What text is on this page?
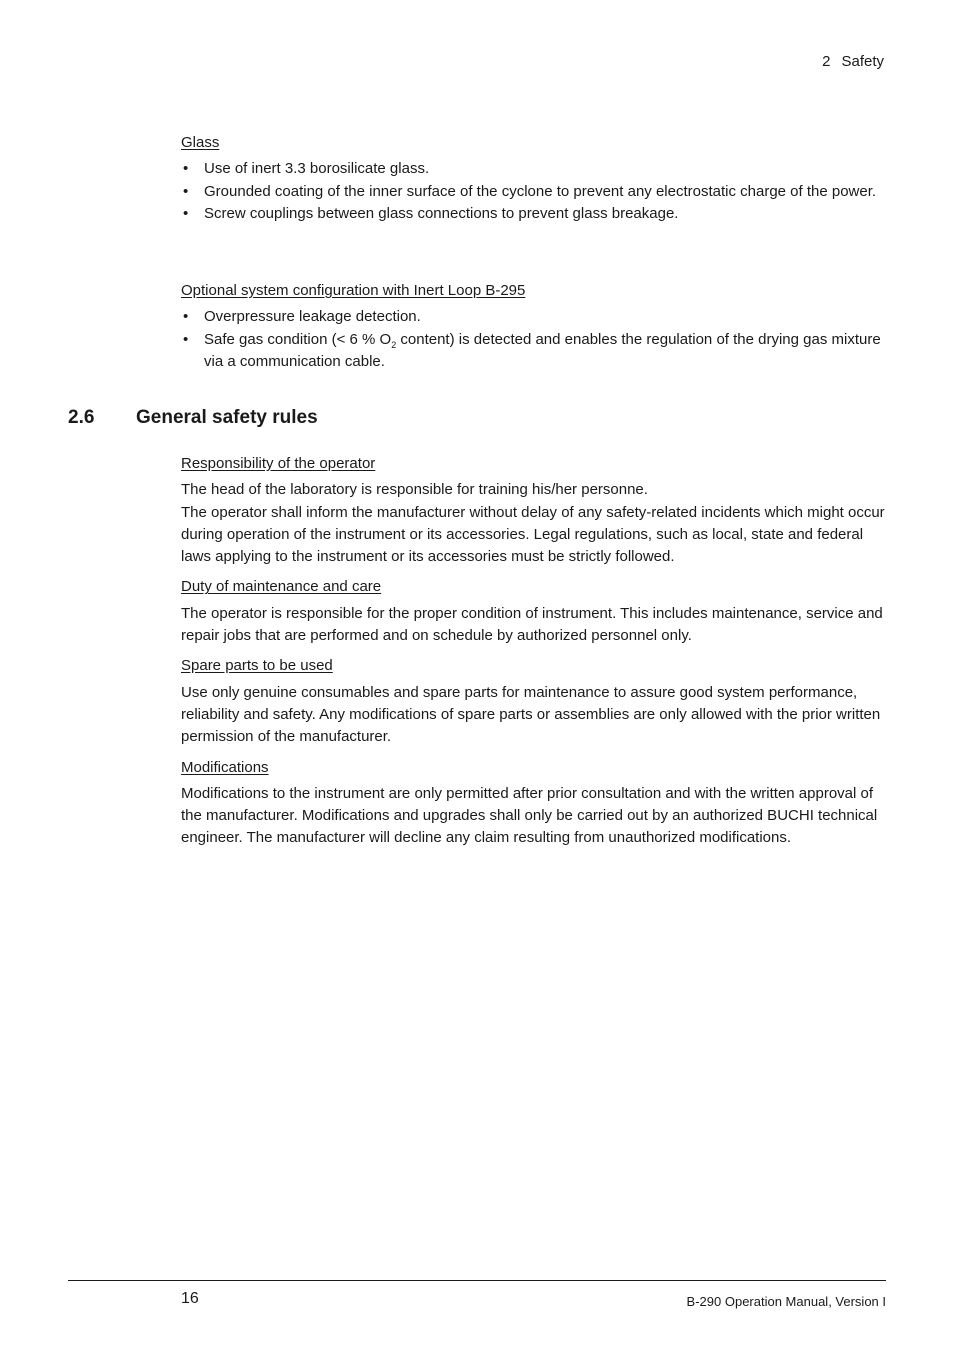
2 Safety
Glass
• Use of inert 3.3 borosilicate glass.
• Grounded coating of the inner surface of the cyclone to prevent any electrostatic charge of the power.
• Screw couplings between glass connections to prevent glass breakage.
Optional system configuration with Inert Loop B-295
• Overpressure leakage detection.
• Safe gas condition (< 6 % $O_2$ content) is detected and enables the regulation of the drying gas mixture via a communication cable.
2.6 General safety rules
Responsibility of the operator

The head of the laboratory is responsible for training his/her personne.

The operator shall inform the manufacturer without delay of any safety-related incidents which might occur during operation of the instrument or its accessories. Legal regulations, such as local, state and federal laws applying to the instrument or its accessories must be strictly followed.

Duty of maintenance and care

The operator is responsible for the proper condition of instrument. This includes maintenance, service and repair jobs that are performed and on schedule by authorized personnel only.

Spare parts to be used

Use only genuine consumables and spare parts for maintenance to assure good system performance, reliability and safety. Any modifications of spare parts or assemblies are only allowed with the prior written permission of the manufacturer.

Modifications

Modifications to the instrument are only permitted after prior consultation and with the written approval of the manufacturer. Modifications and upgrades shall only be carried out by an authorized BUCHI technical engineer. The manufacturer will decline any claim resulting from unauthorized modifications.

16	B-290 Operation Manual, Version I
